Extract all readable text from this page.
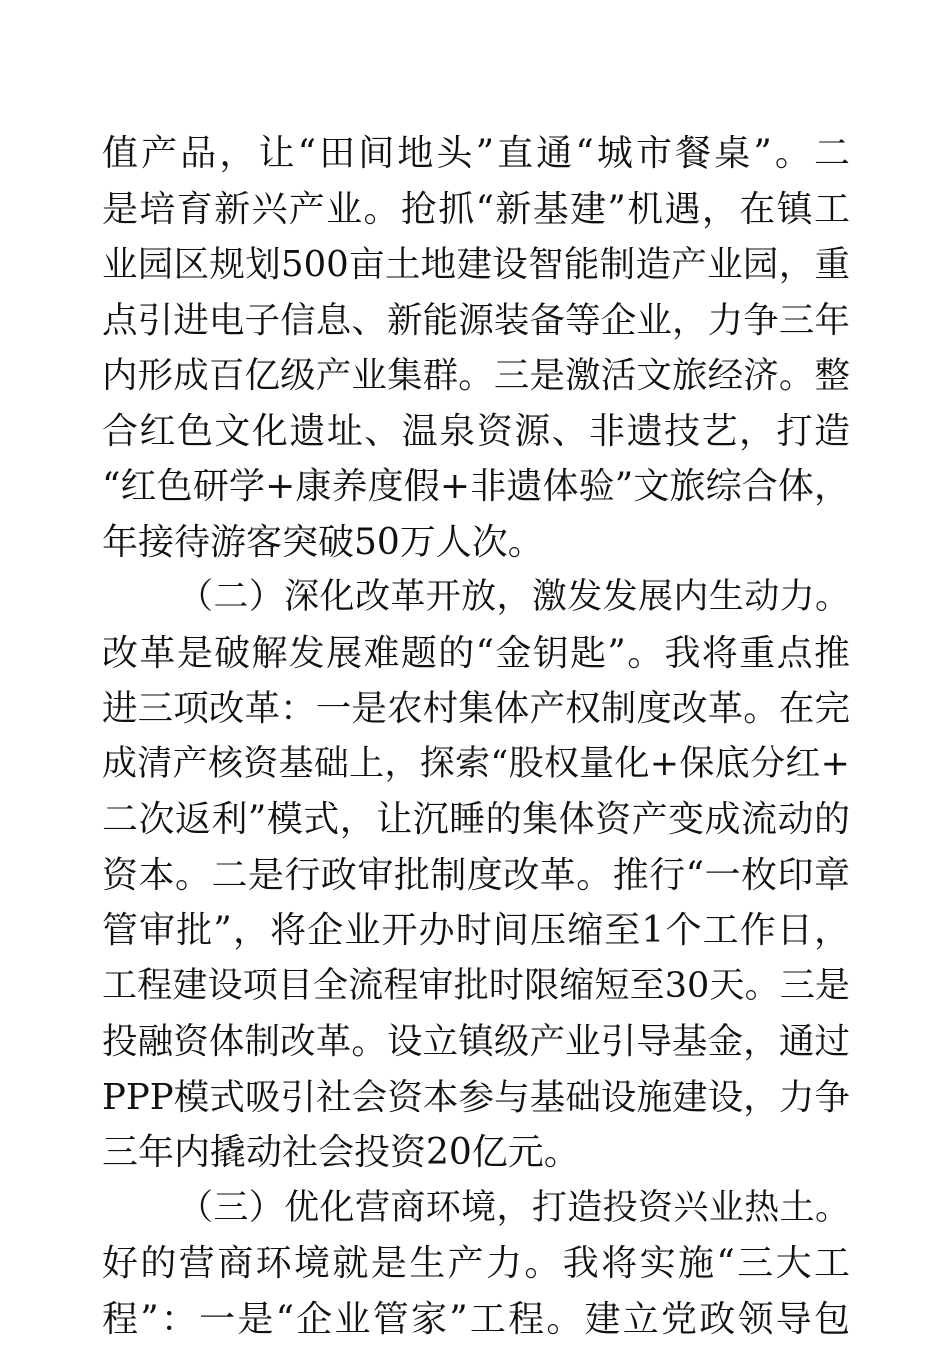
值产品，让“田间地头”直通“城市餐桌”。二
是培育新兴产业。抢抓“新基建”机遇，在镇工
业园区规划500亩土地建设智能制造产业园，重
点引进电子信息、新能源装备等企业，力争三年
内形成百亿级产业集群。三是激活文旅经济。整
合红色文化遗址、温泉资源、非遗技艺，打造
“红色研学+康养度假+非遗体验”文旅综合体，
年接待游客突破50万人次。
（二）深化改革开放，激发发展内生动力。
改革是破解发展难题的“金钥匙”。我将重点推
进三项改革：一是农村集体产权制度改革。在完
成清产核资基础上，探索“股权量化+保底分红+
二次返利”模式，让沉睡的集体资产变成流动的
资本。二是行政审批制度改革。推行“一枚印章
管审批”，将企业开办时间压缩至1个工作日，
工程建设项目全流程审批时限缩短至30天。三是
投融资体制改革。设立镇级产业引导基金，通过
PPP模式吸引社会资本参与基础设施建设，力争
三年内撬动社会投资20亿元。
（三）优化营商环境，打造投资兴业热土。
好的营商环境就是生产力。我将实施“三大工
程”：一是“企业管家”工程。建立党政领导包
